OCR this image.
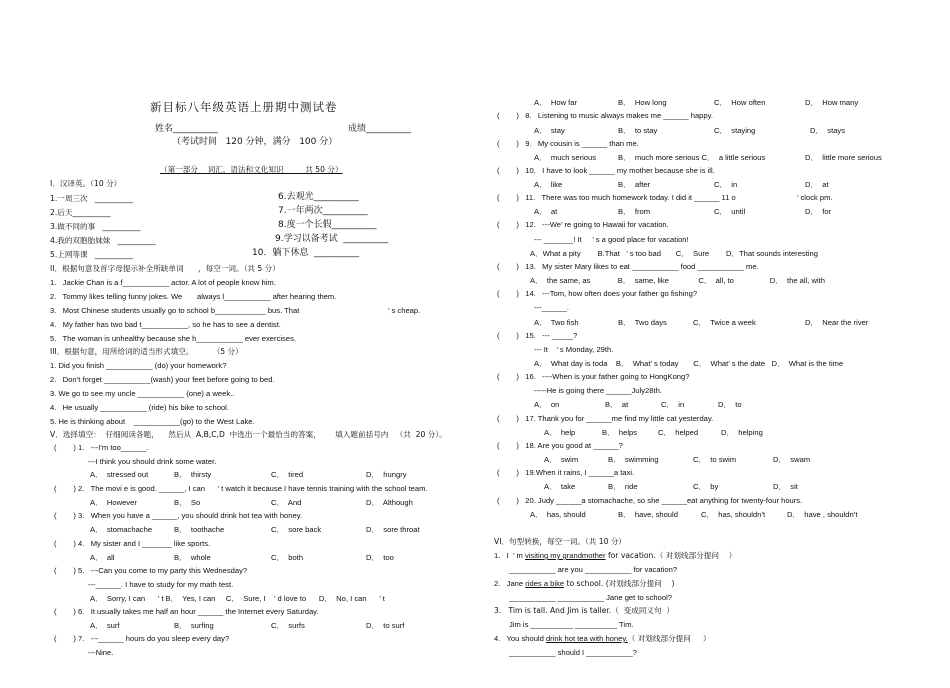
新目标八年级英语上册期中测试卷
姓名__________	成绩__________
（考试时间   120 分钟，满分   100 分）
（第一部分    词汇，语法和文化知识         共 50 分）
I．汉译英。（10 分）
1.一周三次   __________	6.去观光__________
2.后天__________	7.一年两次__________
3.做不同的事   __________	8.度一个长假__________
4.我的双胞胎妹妹   __________	9.学习以备考试  __________
5.上网等课   __________	10．躺下休息  __________
II．根据句意及首字母提示补全所缺单词      ，每空一词。（共 5 分）
1.   Jackie Chan is a f___________ actor. A lot of people know him.
2.   Tommy likes telling funny jokes. We       always l___________ after hearing them.
3.   Most Chinese students usually go to school b____________ bus. That	’ s cheap.
4.   My father has two bad t___________, so he has to see a dentist.
5.   The woman is unhealthy because she h___________ ever exercises.
III．根据句意，用所给词的适当形式填空。        （5 分）
1. Did you finish ___________ (do) your homework?
2.   Don’t forget ___________(wash) your feet before going to bed.
3. We go to see my uncle ___________ (one) a week..
4.   He usually ___________ (ride) his bike to school.
5. He is thinking about    ___________(go) to the West Lake.
V．选择填空：  仔细阅读各题，    然后从  A,B,C,D  中选出一个最恰当的答案，      填入题前括号内   （共  20 分）。
(        ) 1.   ---I'm too______.
---I think you should drink some water.
A．  stressed out	B．  thirsty	C．  tired	D．  hungry
(        ) 2.   The movi e is good. ______, I can      ’ t watch it because I have tennis training with the school team.
A．  However	B．  So	C．  And	D．  Although
(        ) 3.   When you have a ______, you should drink hot tea with honey.
A．  stomachache	B．  toothache	C．  sore back	D．  sore throat
(        ) 4.   My sister and I _______ like sports.
A．  all	B．  whole	C．  both	D．  too
(        ) 5.   ---Can you come to my party this Wednesday?
---______. I have to study for my math test.
A．  Sorry, I can      ’ t B．  Yes, I can     C．  Sure, I    ’ d love to      D．  No, I can      ’ t
(        ) 6.   It usually takes me half an hour ______ the Internet every Saturday.
A．  surf	B．  surfing	C．  surfs	D．  to surf
(        ) 7.   ---______ hours do you sleep every day?
---Nine.
A．  How far	B．  How long	C．  How often	D．  How many
(        )   8.   Listening to music always makes me ______ happy.
A．  stay	B．  to stay	C．  staying	D．  stays
(        )   9.   My cousin is ______ than me.
A．  much serious	B．  much more serious C．  a little serious	D．  little more serious
(        )   10.   I have to look ______ my mother because she is ill.
A．  like	B．  after	C．  in	D．  at
(        )   11.   There was too much homework today. I did it ______ 11 o	’ clock pm.
A．  at	B．  from	C．  until	D．  for
(        )   12.   ---We’ re going to Hawaii for vacation.
--- _______! It     ’ s a good place for vacation!
A．What a pity        B.That   ’ s too bad       C．  Sure        D．That sounds interesting
(        )   13.   My sister Mary likes to eat ___________ food ___________ me.
A．  the same, as             B．  same, like              C．  all, to                 D．  the all, with
(        )   14.   ---Tom, how often does your father go fishing?
---______.
A．  Two fish	B．  Two days	C．  Twice a week	D．  Near the river
(        )   15.   --- _____?
--- It    ’ s Monday, 29th.
A．  What day is toda    B．  What’ s today       C．  What’ s the date   D．  What is the time
(        )   16.   ----When is your father going to HongKong?
-----He is going there ______July28th.
A．  on	B．  at	C．  in	D．  to
(        )   17. Thank you for ______me find my little cat yesterday.
A．  help	B．  helps	C．  helped	D．  helping
(        )   18. Are you good at ______?
A．  swim	B．  swimming	C．  to swim	D．  swam
(        )   19.When it rains, I ______a taxi.
A．  take	B．  ride	C．  by	D．  sit
(        )   20. Judy ______a stomachache, so she ______eat anything for twenty-four hours.
A．  has, should	B．  have, should	C．  has, shouldn’t	D．  have , shouldn’t
VI．句型转换，每空一词。（共 10 分）
1.   I  ’ m visiting my grandmother for vacation.（ 对划线部分提问    ）
___________ are you ___________ for vacation?
2.   Jane rides a bike to school. (对划线部分提问    )
___________ ___________ Jane get to school?
3.   Tim is tall. And Jim is taller.（  变成同义句  ）
Jim is __________ __________ Tim.
4.   You should drink hot tea with honey.（ 对划线部分提问     ）
___________ should I ___________?
